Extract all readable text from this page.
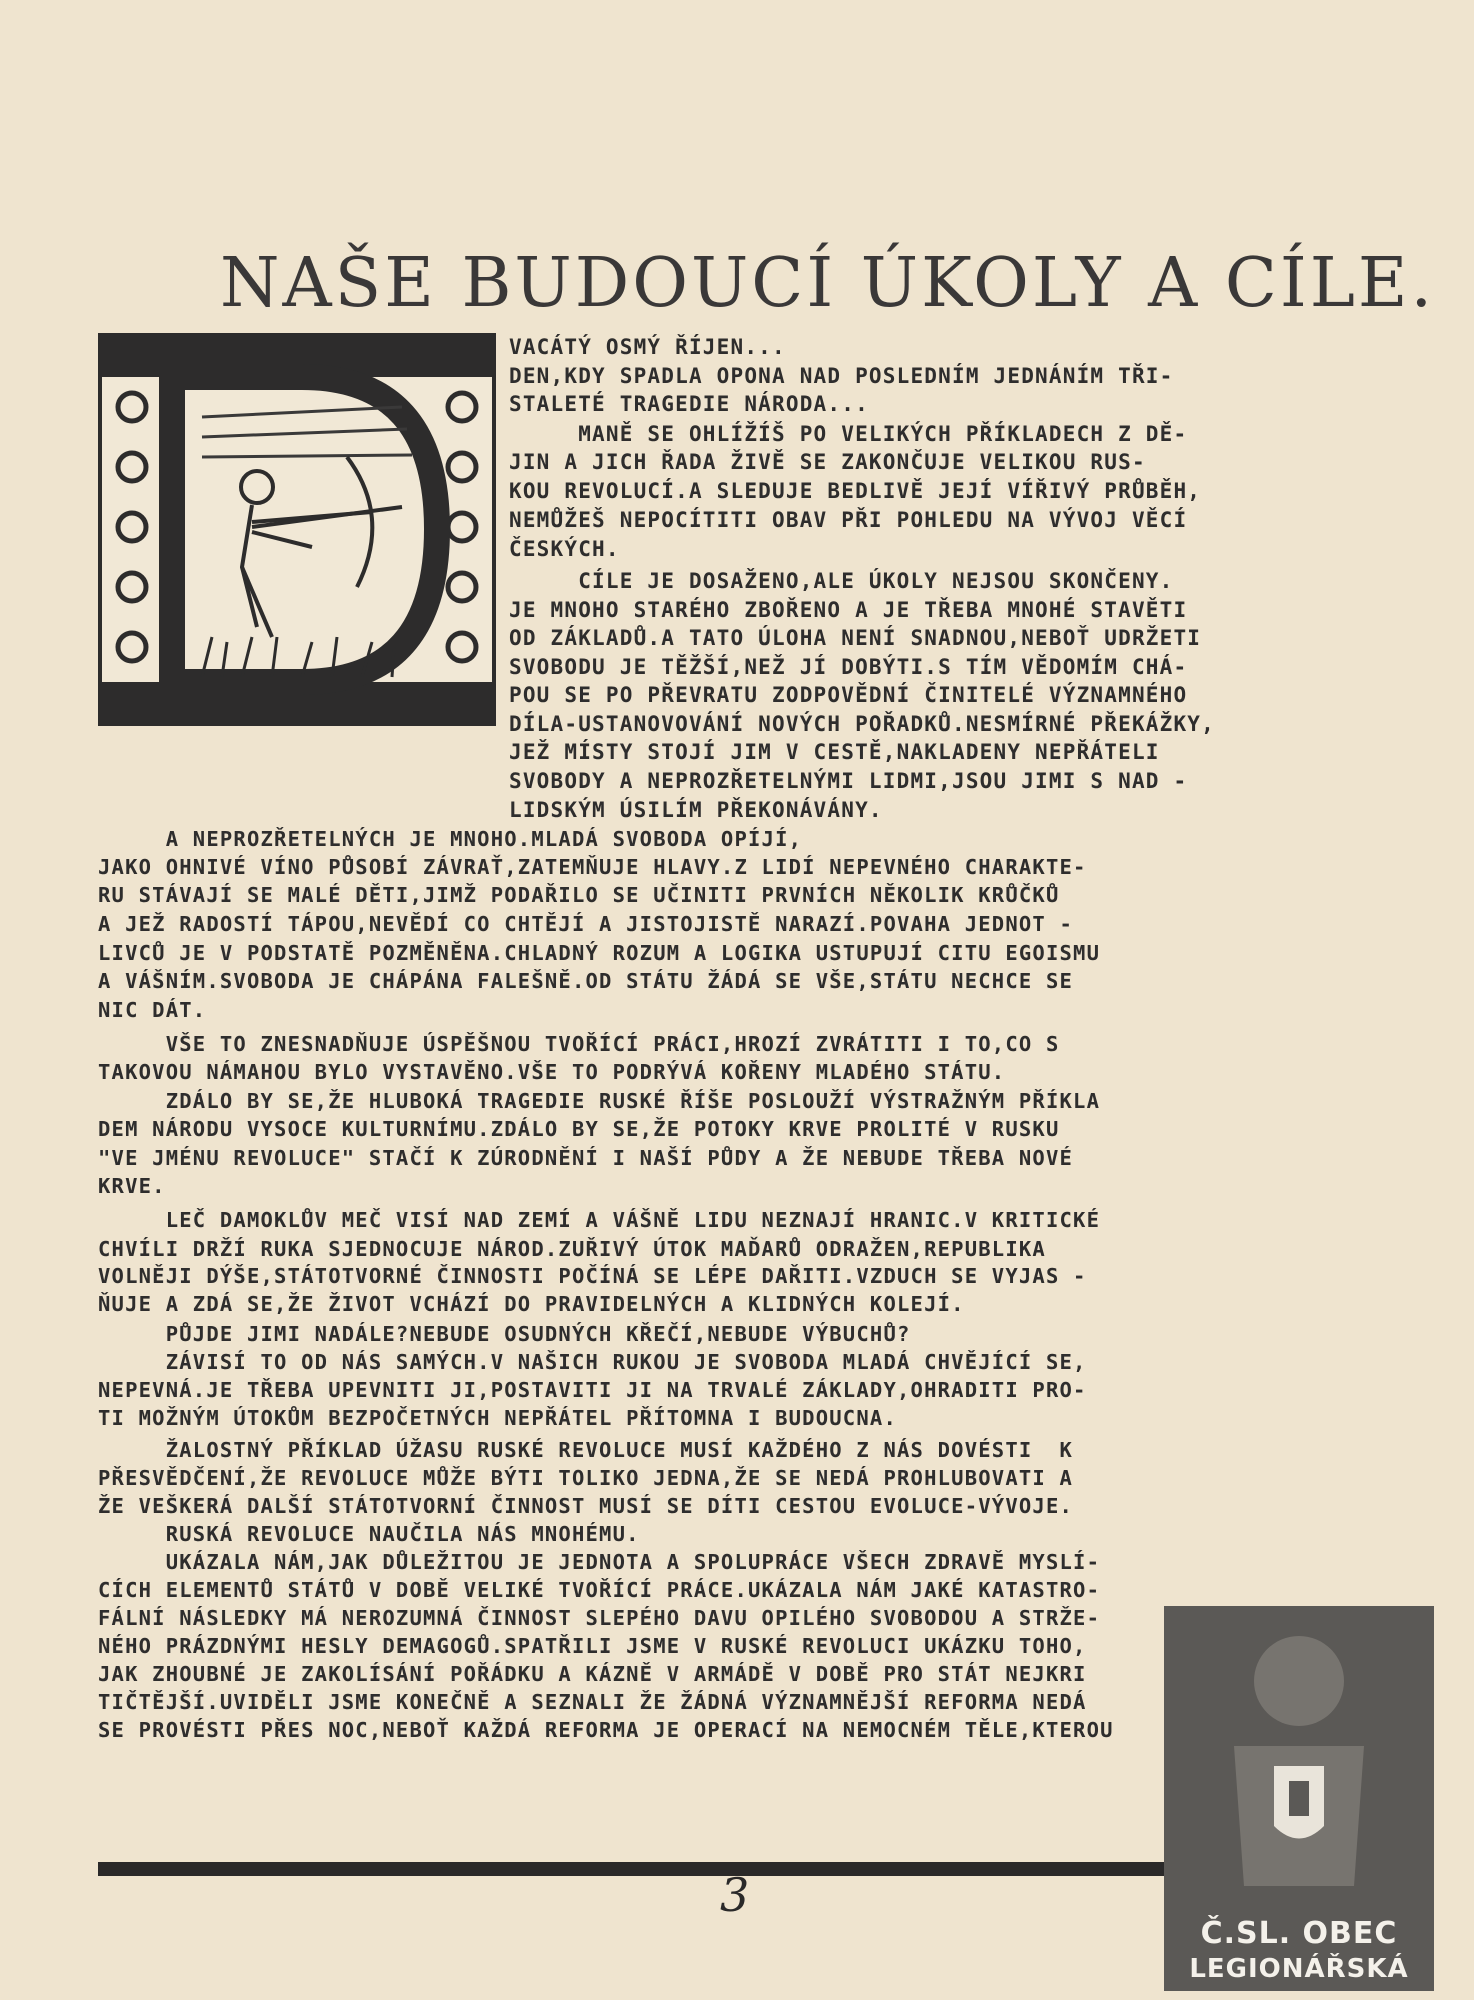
NAŠE BUDOUCÍ ÚKOLY A CÍLE.
VACÁTÝ OSMÝ ŘÍJEN...
DEN,KDY SPADLA OPONA NAD POSLEDNÍM JEDNÁNÍM TŘI-
STALETÉ TRAGEDIE NÁRODA...
MANĚ SE OHLÍŽÍŠ PO VELIKÝCH PŘÍKLADECH Z DĚ-
JIN A JICH ŘADA ŽIVĚ SE ZAKONČUJE VELIKOU RUS-
KOU REVOLUCÍ.A SLEDUJE BEDLIVĚ JEJÍ VÍŘIVÝ PRŮBĚH,
NEMŮŽEŠ NEPOCÍTITI OBAV PŘI POHLEDU NA VÝVOJ VĚCÍ
ČESKÝCH.
CÍLE JE DOSAŽENO,ALE ÚKOLY NEJSOU SKONČENY.
JE MNOHO STARÉHO ZBOŘENO A JE TŘEBA MNOHÉ STAVĚTI
OD ZÁKLADŮ.A TATO ÚLOHA NENÍ SNADNOU,NEBOŤ UDRŽETI
SVOBODU JE TĚŽŠÍ,NEŽ JÍ DOBÝTI.S TÍM VĚDOMÍM CHÁ-
POU SE PO PŘEVRATU ZODPOVĚDNÍ ČINITELÉ VÝZNAMNÉHO
DÍLA-USTANOVOVÁNÍ NOVÝCH POŘADKŮ.NESMÍRNÉ PŘEKÁŽKY,
JEŽ MÍSTY STOJÍ JIM V CESTĚ,NAKLADENY NEPŘÁTELI
SVOBODY A NEPROZŘETELNÝMI LIDMI,JSOU JIMI S NAD -
LIDSKÝM ÚSILÍM PŘEKONÁVÁNY.
A NEPROZŘETELNÝCH JE MNOHO.MLADÁ SVOBODA OPÍJÍ,
JAKO OHNIVÉ VÍNO PŮSOBÍ ZÁVRAŤ,ZATEMŇUJE HLAVY.Z LIDÍ NEPEVNÉHO CHARAKTE-
RU STÁVAJÍ SE MALÉ DĚTI,JIMŽ PODAŘILO SE UČINITI PRVNÍCH NĚKOLIK KRŮČKŮ
A JEŽ RADOSTÍ TÁPOU,NEVĚDÍ CO CHTĚJÍ A JISTOJISTĚ NARAZÍ.POVAHA JEDNOT -
LIVCŮ JE V PODSTATĚ POZMĚNĚNA.CHLADNÝ ROZUM A LOGIKA USTUPUJÍ CITU EGOISMU
A VÁŠNÍM.SVOBODA JE CHÁPÁNA FALEŠNĚ.OD STÁTU ŽÁDÁ SE VŠE,STÁTU NECHCE SE
NIC DÁT.
VŠE TO ZNESNADŇUJE ÚSPĚŠNOU TVOŘÍCÍ PRÁCI,HROZÍ ZVRÁTITI I TO,CO S
TAKOVOU NÁMAHOU BYLO VYSTAVĚNO.VŠE TO PODRÝVÁ KOŘENY MLADÉHO STÁTU.
ZDÁLO BY SE,ŽE HLUBOKÁ TRAGEDIE RUSKÉ ŘÍŠE POSLOUŽÍ VÝSTRAŽNÝM PŘÍKLA
DEM NÁRODU VYSOCE KULTURNÍMU.ZDÁLO BY SE,ŽE POTOKY KRVE PROLITÉ V RUSKU
"VE JMÉNU REVOLUCE" STAČÍ K ZÚRODNĚNÍ I NAŠÍ PŮDY A ŽE NEBUDE TŘEBA NOVÉ
KRVE.
LEČ DAMOKLŮV MEČ VISÍ NAD ZEMÍ A VÁŠNĚ LIDU NEZNAJÍ HRANIC.V KRITICKÉ
CHVÍLI DRŽÍ RUKA SJEDNOCUJE NÁROD.ZUŘIVÝ ÚTOK MAĎARŮ ODRAŽEN,REPUBLIKA
VOLNĚJI DÝŠE,STÁTOTVORNÉ ČINNOSTI POČÍNÁ SE LÉPE DAŘITI.VZDUCH SE VYJAS -
ŇUJE A ZDÁ SE,ŽE ŽIVOT VCHÁZÍ DO PRAVIDELNÝCH A KLIDNÝCH KOLEJÍ.
PŮJDE JIMI NADÁLE?NEBUDE OSUDNÝCH KŘEČÍ,NEBUDE VÝBUCHŮ?
ZÁVISÍ TO OD NÁS SAMÝCH.V NAŠICH RUKOU JE SVOBODA MLADÁ CHVĚJÍCÍ SE,
NEPEVNÁ.JE TŘEBA UPEVNITI JI,POSTAVITI JI NA TRVALÉ ZÁKLADY,OHRADITI PRO-
TI MOŽNÝM ÚTOKŮM BEZPOČETNÝCH NEPŘÁTEL PŘÍTOMNA I BUDOUCNA.
ŽALOSTNÝ PŘÍKLAD ÚŽASU RUSKÉ REVOLUCE MUSÍ KAŽDÉHO Z NÁS DOVÉSTI  K
PŘESVĚDČENÍ,ŽE REVOLUCE MŮŽE BÝTI TOLIKO JEDNA,ŽE SE NEDÁ PROHLUBOVATI A
ŽE VEŠKERÁ DALŠÍ STÁTOTVORNÍ ČINNOST MUSÍ SE DÍTI CESTOU EVOLUCE-VÝVOJE.
RUSKÁ REVOLUCE NAUČILA NÁS MNOHÉMU.
UKÁZALA NÁM,JAK DŮLEŽITOU JE JEDNOTA A SPOLUPRÁCE VŠECH ZDRAVĚ MYSLÍ-
CÍCH ELEMENTŮ STÁTŮ V DOBĚ VELIKÉ TVOŘÍCÍ PRÁCE.UKÁZALA NÁM JAKÉ KATASTRO-
FÁLNÍ NÁSLEDKY MÁ NEROZUMNÁ ČINNOST SLEPÉHO DAVU OPILÉHO SVOBODOU A STRŽE-
NÉHO PRÁZDNÝMI HESLY DEMAGOGŮ.SPATŘILI JSME V RUSKÉ REVOLUCI UKÁZKU TOHO,
JAK ZHOUBNÉ JE ZAKOLÍSÁNÍ POŘÁDKU A KÁZNĚ V ARMÁDĚ V DOBĚ PRO STÁT NEJKRI
TIČTĚJŠÍ.UVIDĚLI JSME KONEČNĚ A SEZNALI ŽE ŽÁDNÁ VÝZNAMNĚJŠÍ REFORMA NEDÁ
SE PROVÉSTI PŘES NOC,NEBOŤ KAŽDÁ REFORMA JE OPERACÍ NA NEMOCNÉM TĚLE,KTEROU
3
Č.SL. OBEC
LEGIONÁŘSKÁ
